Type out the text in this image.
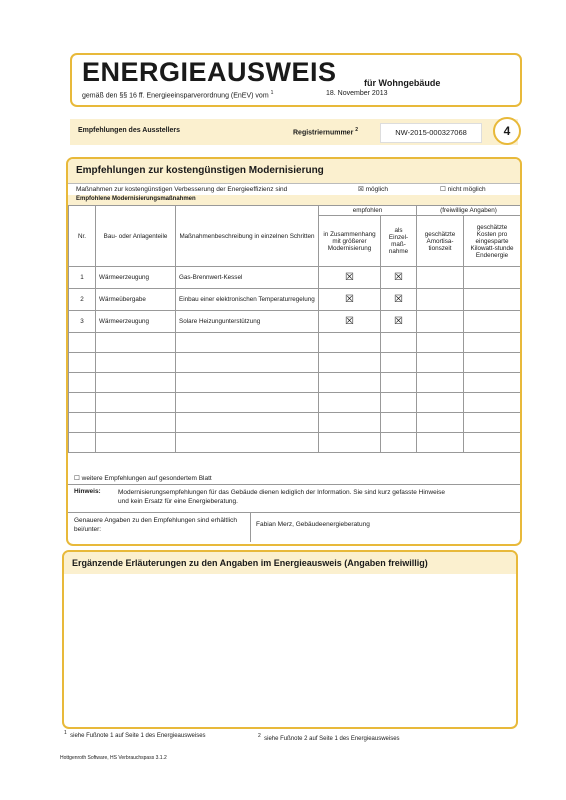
ENERGIEAUSWEIS	für Wohngebäude
gemäß den §§ 16 ff. Energieeinsparverordnung (EnEV) vom $^1$	18. November 2013
Empfehlungen des Ausstellers	Registriernummer $^2$	NW-2015-000327068	4
Empfehlungen zur kostengünstigen Modernisierung
Maßnahmen zur kostengünstigen Verbesserung der Energieeffizienz sind	☒ möglich	☐ nicht möglich
Empfohlene Modernisierungsmaßnahmen
Nr.	Bau- oder Anlagenteile	Maßnahmenbeschreibung in einzelnen Schritten	empfohlen		(freiwillige Angaben)	
			in Zusammenhang mit größerer Modernisierung	als Einzel-maß-nahme	geschätzte Amortisa-tionszeit	geschätzte Kosten pro eingesparte Kilowatt-stunde Endenergie
1	Wärmeerzeugung	Gas-Brennwert-Kessel	☒	☒		
2	Wärmeübergabe	Einbau einer elektronischen Temperaturregelung	☒	☒		
3	Wärmeerzeugung	Solare Heizungunterstützung	☒	☒		

☐ weitere Empfehlungen auf gesondertem Blatt
Hinweis:	Modernisierungsempfehlungen für das Gebäude dienen lediglich der Information. Sie sind kurz gefasste Hinweise und kein Ersatz für eine Energieberatung.
Genauere Angaben zu den Empfehlungen sind erhältlich bei/unter:
Fabian Merz, Gebäudeenergieberatung
Ergänzende Erläuterungen zu den Angaben im Energieausweis (Angaben freiwillig)
$^1$ siehe Fußnote 1 auf Seite 1 des Energieausweises	$^2$ siehe Fußnote 2 auf Seite 1 des Energieausweises
Hottgenroth Software, HS Verbrauchspass 3.1.2
